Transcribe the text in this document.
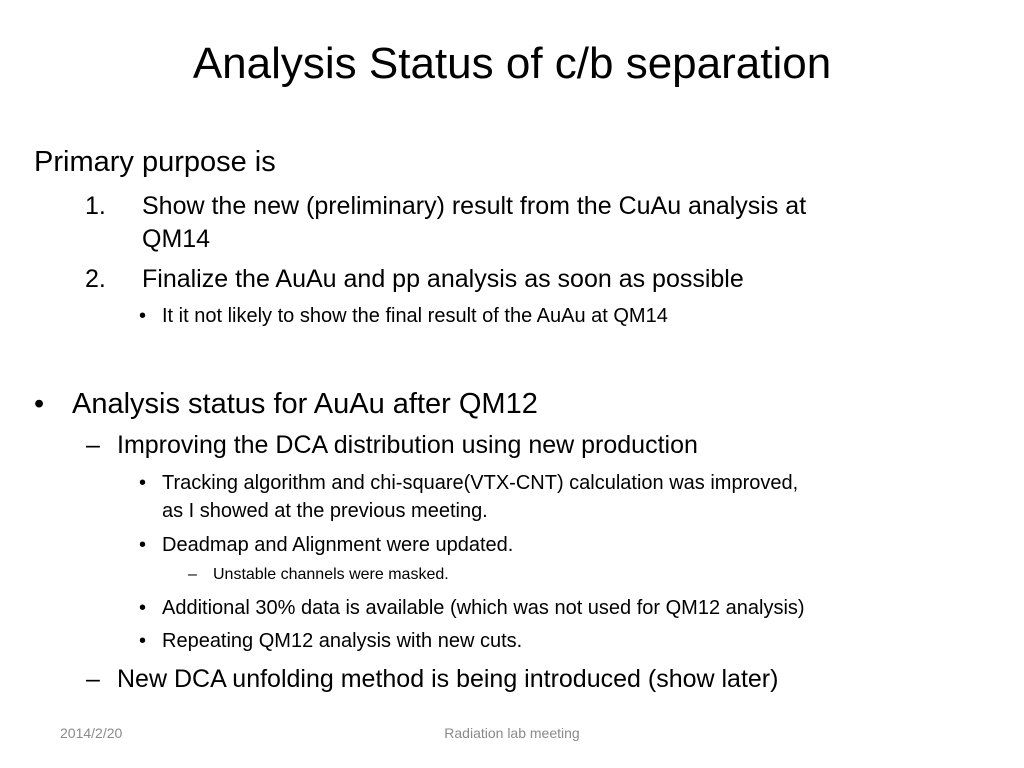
Analysis Status of c/b separation
Primary purpose is
1. Show the new (preliminary) result from the CuAu analysis at
QM14
2. Finalize the AuAu and pp analysis as soon as possible
• It it not likely to show the final result of the AuAu at QM14
• Analysis status for AuAu after QM12
– Improving the DCA distribution using new production
• Tracking algorithm and chi-square(VTX-CNT) calculation was improved,
as I showed at the previous meeting.
• Deadmap and Alignment were updated.
– Unstable channels were masked.
• Additional 30% data is available (which was not used for QM12 analysis)
• Repeating QM12 analysis with new cuts.
– New DCA unfolding method is being introduced (show later)
2014/2/20	Radiation lab meeting
